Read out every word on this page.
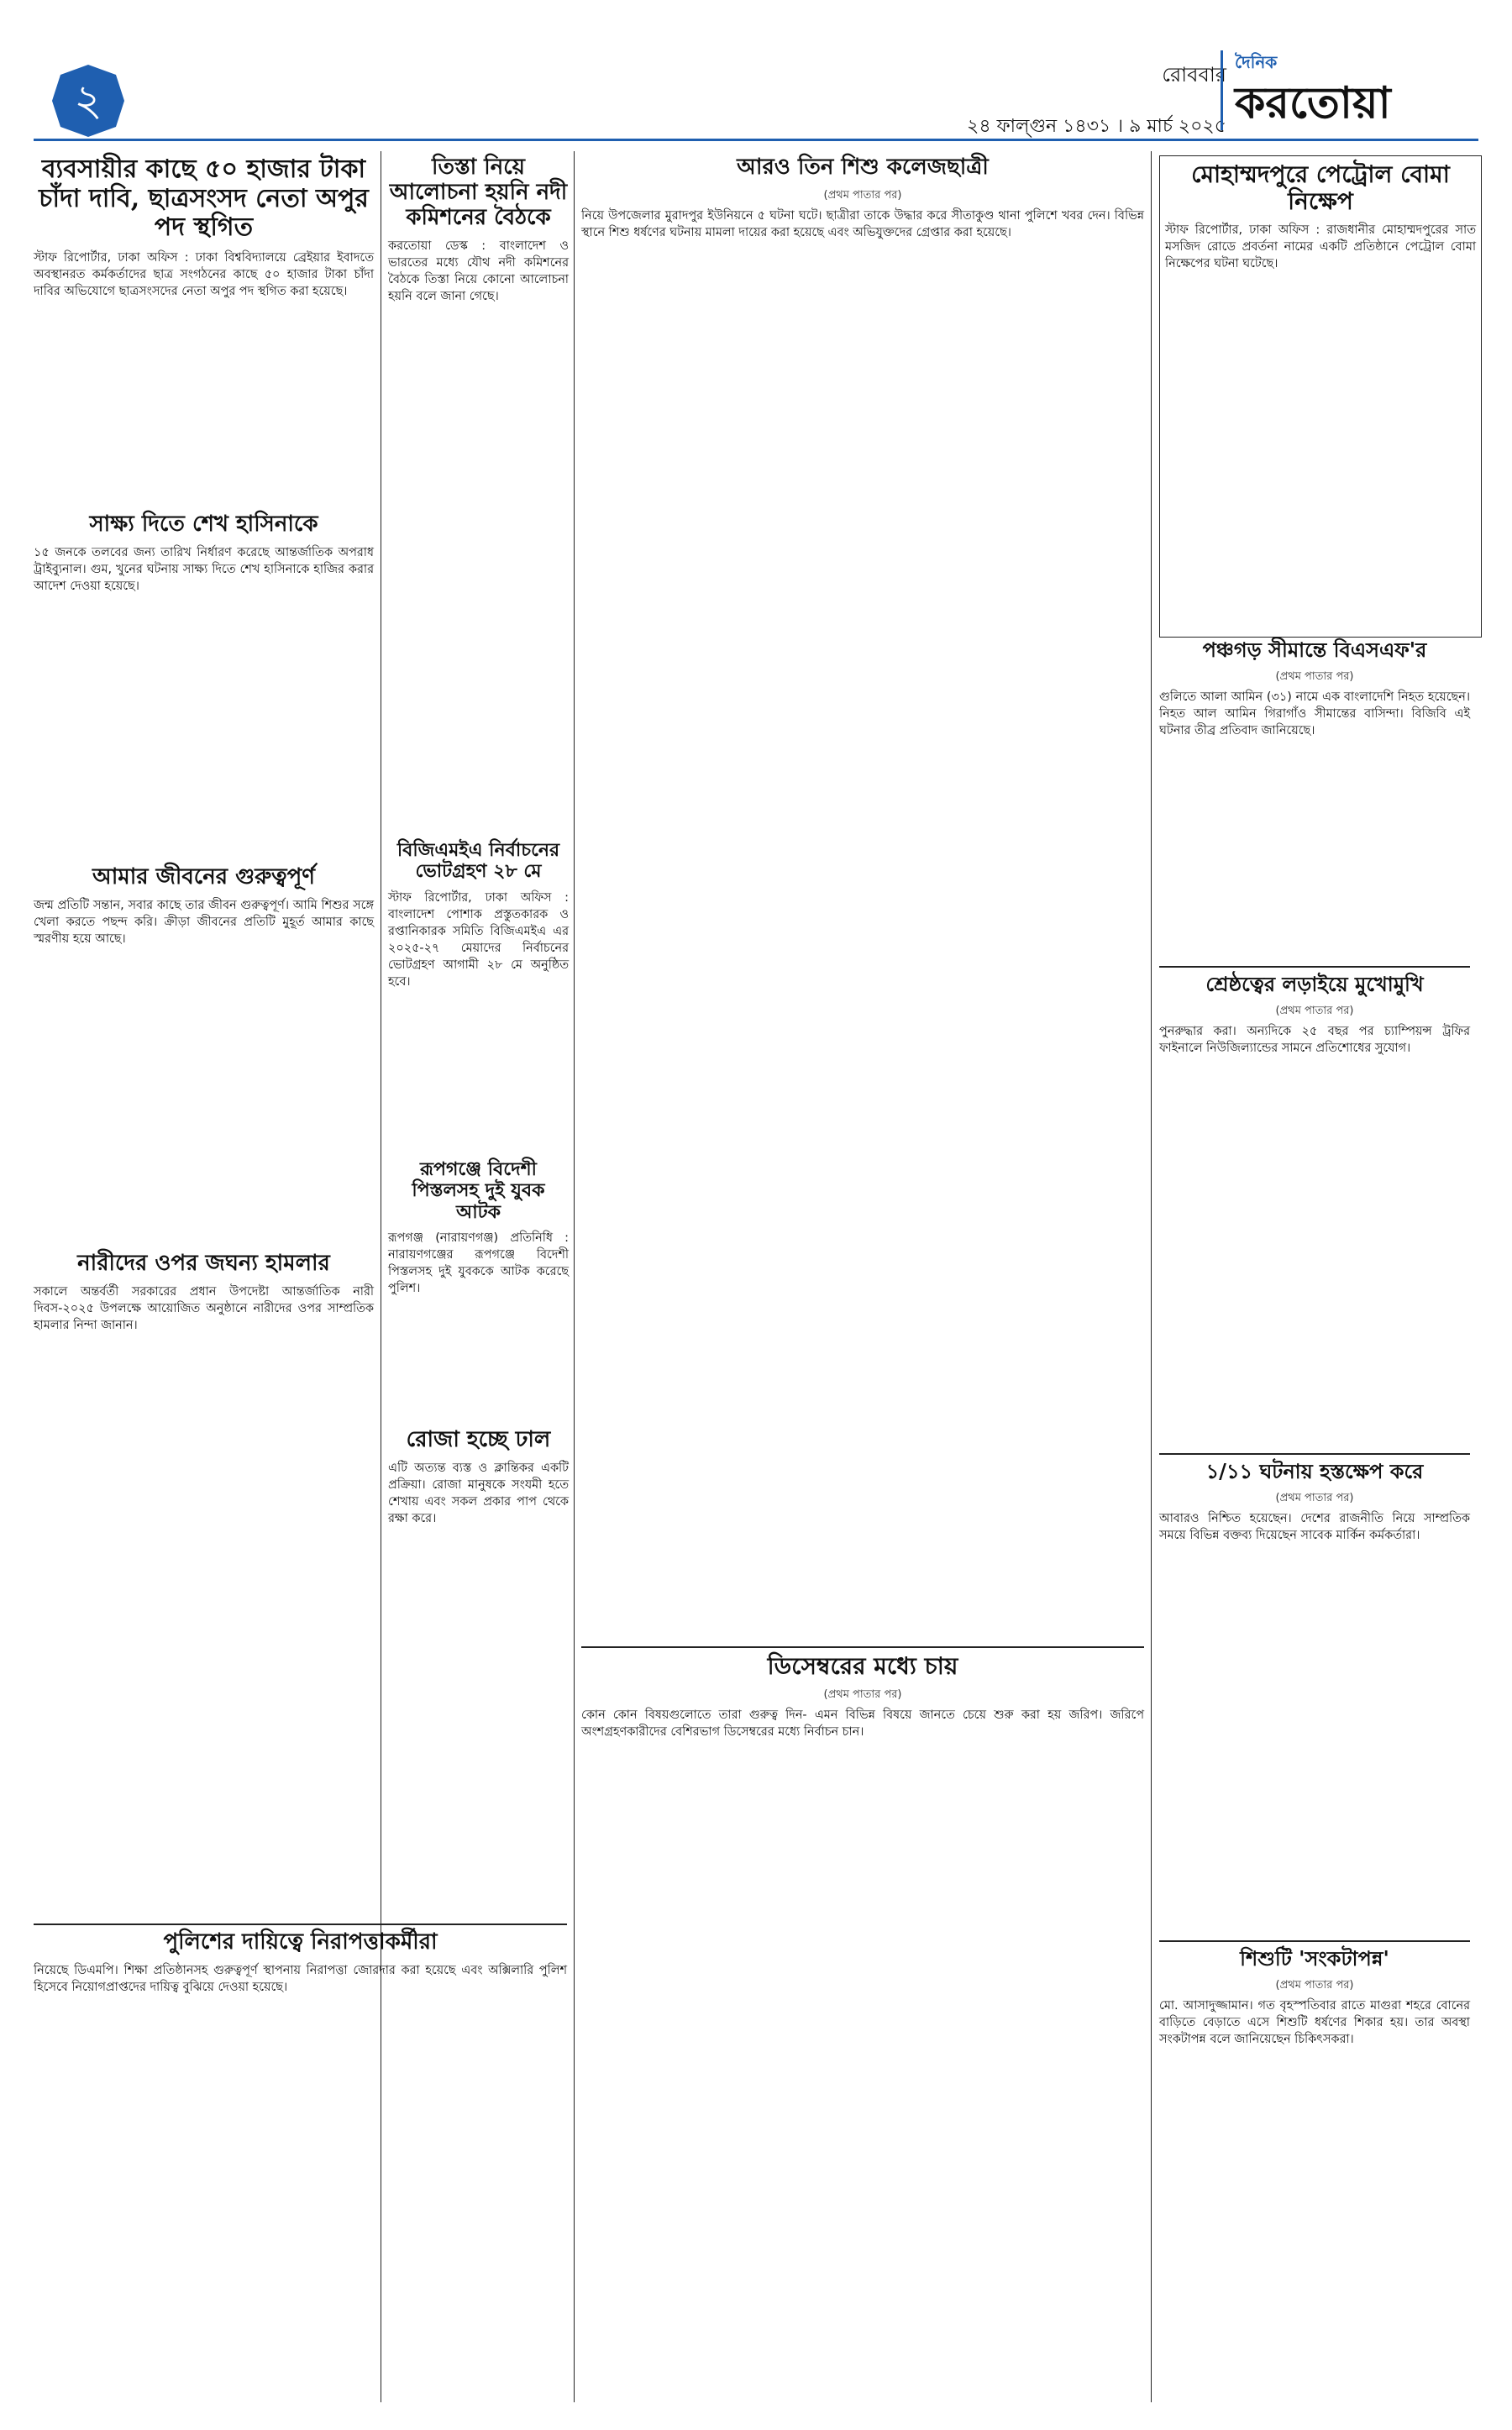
২
রোববার
২৪ ফাল্গুন ১৪৩১ । ৯ মার্চ ২০২৫
দৈনিক
করতোয়া
ব্যবসায়ীর কাছে ৫০ হাজার টাকা চাঁদা দাবি, ছাত্রসংসদ নেতা অপুর পদ স্থগিত

স্টাফ রিপোর্টার, ঢাকা অফিস : ঢাকা বিশ্ববিদ্যালয়ে ব্রেইয়ার ইবাদতে অবস্থানরত কর্মকর্তাদের ছাত্র সংগঠনের কাছে ৫০ হাজার টাকা চাঁদা দাবির অভিযোগে ছাত্রসংসদের নেতা অপুর পদ স্থগিত করা হয়েছে।

সাক্ষ্য দিতে শেখ হাসিনাকে

১৫ জনকে তলবের জন্য তারিখ নির্ধারণ করেছে আন্তর্জাতিক অপরাধ ট্রাইব্যুনাল। গুম, খুনের ঘটনায় সাক্ষ্য দিতে শেখ হাসিনাকে হাজির করার আদেশ দেওয়া হয়েছে।

আমার জীবনের গুরুত্বপূর্ণ

জন্ম প্রতিটি সন্তান, সবার কাছে তার জীবন গুরুত্বপূর্ণ। আমি শিশুর সঙ্গে খেলা করতে পছন্দ করি। ক্রীড়া জীবনের প্রতিটি মুহূর্ত আমার কাছে স্মরণীয় হয়ে আছে।

নারীদের ওপর জঘন্য হামলার

সকালে অন্তর্বর্তী সরকারের প্রধান উপদেষ্টা আন্তর্জাতিক নারী দিবস-২০২৫ উপলক্ষে আয়োজিত অনুষ্ঠানে নারীদের ওপর সাম্প্রতিক হামলার নিন্দা জানান।

পুলিশের দায়িত্বে নিরাপত্তাকর্মীরা

নিয়েছে ডিএমপি। শিক্ষা প্রতিষ্ঠানসহ গুরুত্বপূর্ণ স্থাপনায় নিরাপত্তা জোরদার করা হয়েছে এবং অক্সিলারি পুলিশ হিসেবে নিয়োগপ্রাপ্তদের দায়িত্ব বুঝিয়ে দেওয়া হয়েছে।

তিস্তা নিয়ে আলোচনা হয়নি নদী কমিশনের বৈঠকে

করতোয়া ডেস্ক : বাংলাদেশ ও ভারতের মধ্যে যৌথ নদী কমিশনের বৈঠকে তিস্তা নিয়ে কোনো আলোচনা হয়নি বলে জানা গেছে।

বিজিএমইএ নির্বাচনের ভোটগ্রহণ ২৮ মে

স্টাফ রিপোর্টার, ঢাকা অফিস : বাংলাদেশ পোশাক প্রস্তুতকারক ও রপ্তানিকারক সমিতি বিজিএমইএ এর ২০২৫-২৭ মেয়াদের নির্বাচনের ভোটগ্রহণ আগামী ২৮ মে অনুষ্ঠিত হবে।

রূপগঞ্জে বিদেশী পিস্তলসহ দুই যুবক আটক

রূপগঞ্জ (নারায়ণগঞ্জ) প্রতিনিধি : নারায়ণগঞ্জের রূপগঞ্জে বিদেশী পিস্তলসহ দুই যুবককে আটক করেছে পুলিশ।

রোজা হচ্ছে ঢাল

এটি অত্যন্ত ব্যস্ত ও ক্লান্তিকর একটি প্রক্রিয়া। রোজা মানুষকে সংযমী হতে শেখায় এবং সকল প্রকার পাপ থেকে রক্ষা করে।

আরও তিন শিশু কলেজছাত্রী
(প্রথম পাতার পর)

নিয়ে উপজেলার মুরাদপুর ইউনিয়নে ৫ ঘটনা ঘটে। ছাত্রীরা তাকে উদ্ধার করে সীতাকুণ্ড থানা পুলিশে খবর দেন। বিভিন্ন স্থানে শিশু ধর্ষণের ঘটনায় মামলা দায়ের করা হয়েছে এবং অভিযুক্তদের গ্রেপ্তার করা হয়েছে।

ডিসেম্বরের মধ্যে চায়
(প্রথম পাতার পর)

কোন কোন বিষয়গুলোতে তারা গুরুত্ব দিন- এমন বিভিন্ন বিষয়ে জানতে চেয়ে শুরু করা হয় জরিপ। জরিপে অংশগ্রহণকারীদের বেশিরভাগ ডিসেম্বরের মধ্যে নির্বাচন চান।

মোহাম্মদপুরে পেট্রোল বোমা নিক্ষেপ

স্টাফ রিপোর্টার, ঢাকা অফিস : রাজধানীর মোহাম্মদপুরের সাত মসজিদ রোডে প্রবর্তনা নামের একটি প্রতিষ্ঠানে পেট্রোল বোমা নিক্ষেপের ঘটনা ঘটেছে।

পঞ্চগড় সীমান্তে বিএসএফ'র
(প্রথম পাতার পর)

গুলিতে আলা আমিন (৩১) নামে এক বাংলাদেশি নিহত হয়েছেন। নিহত আল আমিন গিরাগাঁও সীমান্তের বাসিন্দা। বিজিবি এই ঘটনার তীব্র প্রতিবাদ জানিয়েছে।

শ্রেষ্ঠত্বের লড়াইয়ে মুখোমুখি
(প্রথম পাতার পর)

পুনরুদ্ধার করা। অন্যদিকে ২৫ বছর পর চ্যাম্পিয়ন্স ট্রফির ফাইনালে নিউজিল্যান্ডের সামনে প্রতিশোধের সুযোগ।

১/১১ ঘটনায় হস্তক্ষেপ করে
(প্রথম পাতার পর)

আবারও নিশ্চিত হয়েছেন। দেশের রাজনীতি নিয়ে সাম্প্রতিক সময়ে বিভিন্ন বক্তব্য দিয়েছেন সাবেক মার্কিন কর্মকর্তারা।

শিশুটি 'সংকটাপন্ন'
(প্রথম পাতার পর)

মো. আসাদুজ্জামান। গত বৃহস্পতিবার রাতে মাগুরা শহরে বোনের বাড়িতে বেড়াতে এসে শিশুটি ধর্ষণের শিকার হয়। তার অবস্থা সংকটাপন্ন বলে জানিয়েছেন চিকিৎসকরা।
